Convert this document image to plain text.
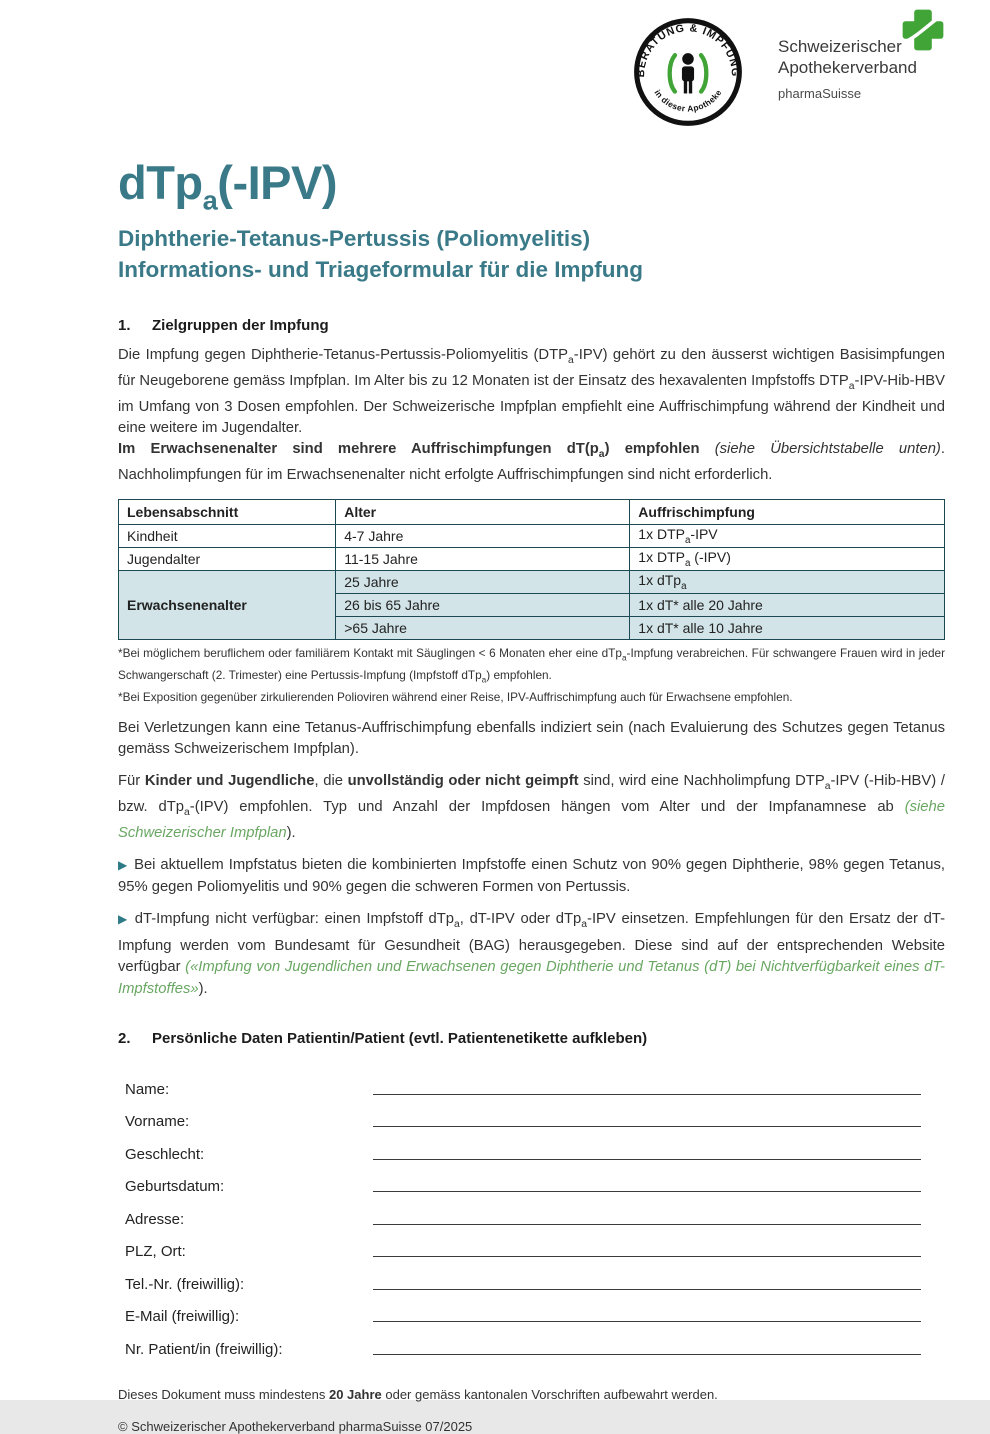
BERATUNG & IMPFUNG
in dieser Apotheke
Schweizerischer
Apothekerverband
pharmaSuisse
dTp$_a$(-IPV)
Diphtherie-Tetanus-Pertussis (Poliomyelitis)
Informations- und Triageformular für die Impfung
1. Zielgruppen der Impfung

Die Impfung gegen Diphtherie-Tetanus-Pertussis-Poliomyelitis $(DTP_a-IPV)$ gehört zu den äusserst wichtigen Basisimpfungen für Neugeborene gemäss Impfplan. Im Alter bis zu 12 Monaten ist der Einsatz des hexavalenten Impfstoffs $DTP_a-IPV-Hib$-HBV im Umfang von 3 Dosen empfohlen. Der Schweizerische Impfplan empfiehlt eine Auffrischimpfung während der Kindheit und eine weitere im Jugendalter.

Im Erwachsenenalter sind mehrere Auffrischimpfungen $dT(p_a)$ empfohlen (siehe Übersichtstabelle unten). Nachholimpfungen für im Erwachsenenalter nicht erfolgte Auffrischimpfungen sind nicht erforderlich.

Lebensabschnitt	Alter	Auffrischimpfung
Kindheit	4-7 Jahre	1x $DTP_a$-IPV
Jugendalter	11-15 Jahre	1x $DTP_a$ (-IPV)
Erwachsenenalter	25 Jahre	1x dTp$_a$
	26 bis 65 Jahre	1x dT* alle 20 Jahre
	>65 Jahre	1x dT* alle 10 Jahre

*Bei möglichem beruflichem oder familiärem Kontakt mit Säuglingen < 6 Monaten eher eine dTp$_a$-Impfung verabreichen. Für schwangere Frauen wird in jeder Schwangerschaft (2. Trimester) eine Pertussis-Impfung (Impfstoff dTp$_a$) empfohlen.

*Bei Exposition gegenüber zirkulierenden Polioviren während einer Reise, IPV-Auffrischimpfung auch für Erwachsene empfohlen.

Bei Verletzungen kann eine Tetanus-Auffrischimpfung ebenfalls indiziert sein (nach Evaluierung des Schutzes gegen Tetanus gemäss Schweizerischem Impfplan).

Für Kinder und Jugendliche, die unvollständig oder nicht geimpft sind, wird eine Nachholimpfung $DTP_a$-IPV (-Hib-HBV) / bzw. dTp$_a$-(IPV) empfohlen. Typ und Anzahl der Impfdosen hängen vom Alter und der Impfanamnese ab (siehe Schweizerischer Impfplan).

▶ Bei aktuellem Impfstatus bieten die kombinierten Impfstoffe einen Schutz von 90% gegen Diphtherie, 98% gegen Tetanus, 95% gegen Poliomyelitis und 90% gegen die schweren Formen von Pertussis.

▶ dT-Impfung nicht verfügbar: einen Impfstoff dTp$_a$, dT-IPV oder dTp$_a$-IPV einsetzen. Empfehlungen für den Ersatz der dT-Impfung werden vom Bundesamt für Gesundheit (BAG) herausgegeben. Diese sind auf der entsprechenden Website verfügbar («Impfung von Jugendlichen und Erwachsenen gegen Diphtherie und Tetanus (dT) bei Nichtverfügbarkeit eines dT-Impfstoffes»).

2. Persönliche Daten Patientin/Patient (evtl. Patientenetikette aufkleben)
Name:
Vorname:
Geschlecht:
Geburtsdatum:
Adresse:
PLZ, Ort:
Tel.-Nr. (freiwillig):
E-Mail (freiwillig):
Nr. Patient/in (freiwillig):

Dieses Dokument muss mindestens 20 Jahre oder gemäss kantonalen Vorschriften aufbewahrt werden.

© Schweizerischer Apothekerverband pharmaSuisse 07/2025
